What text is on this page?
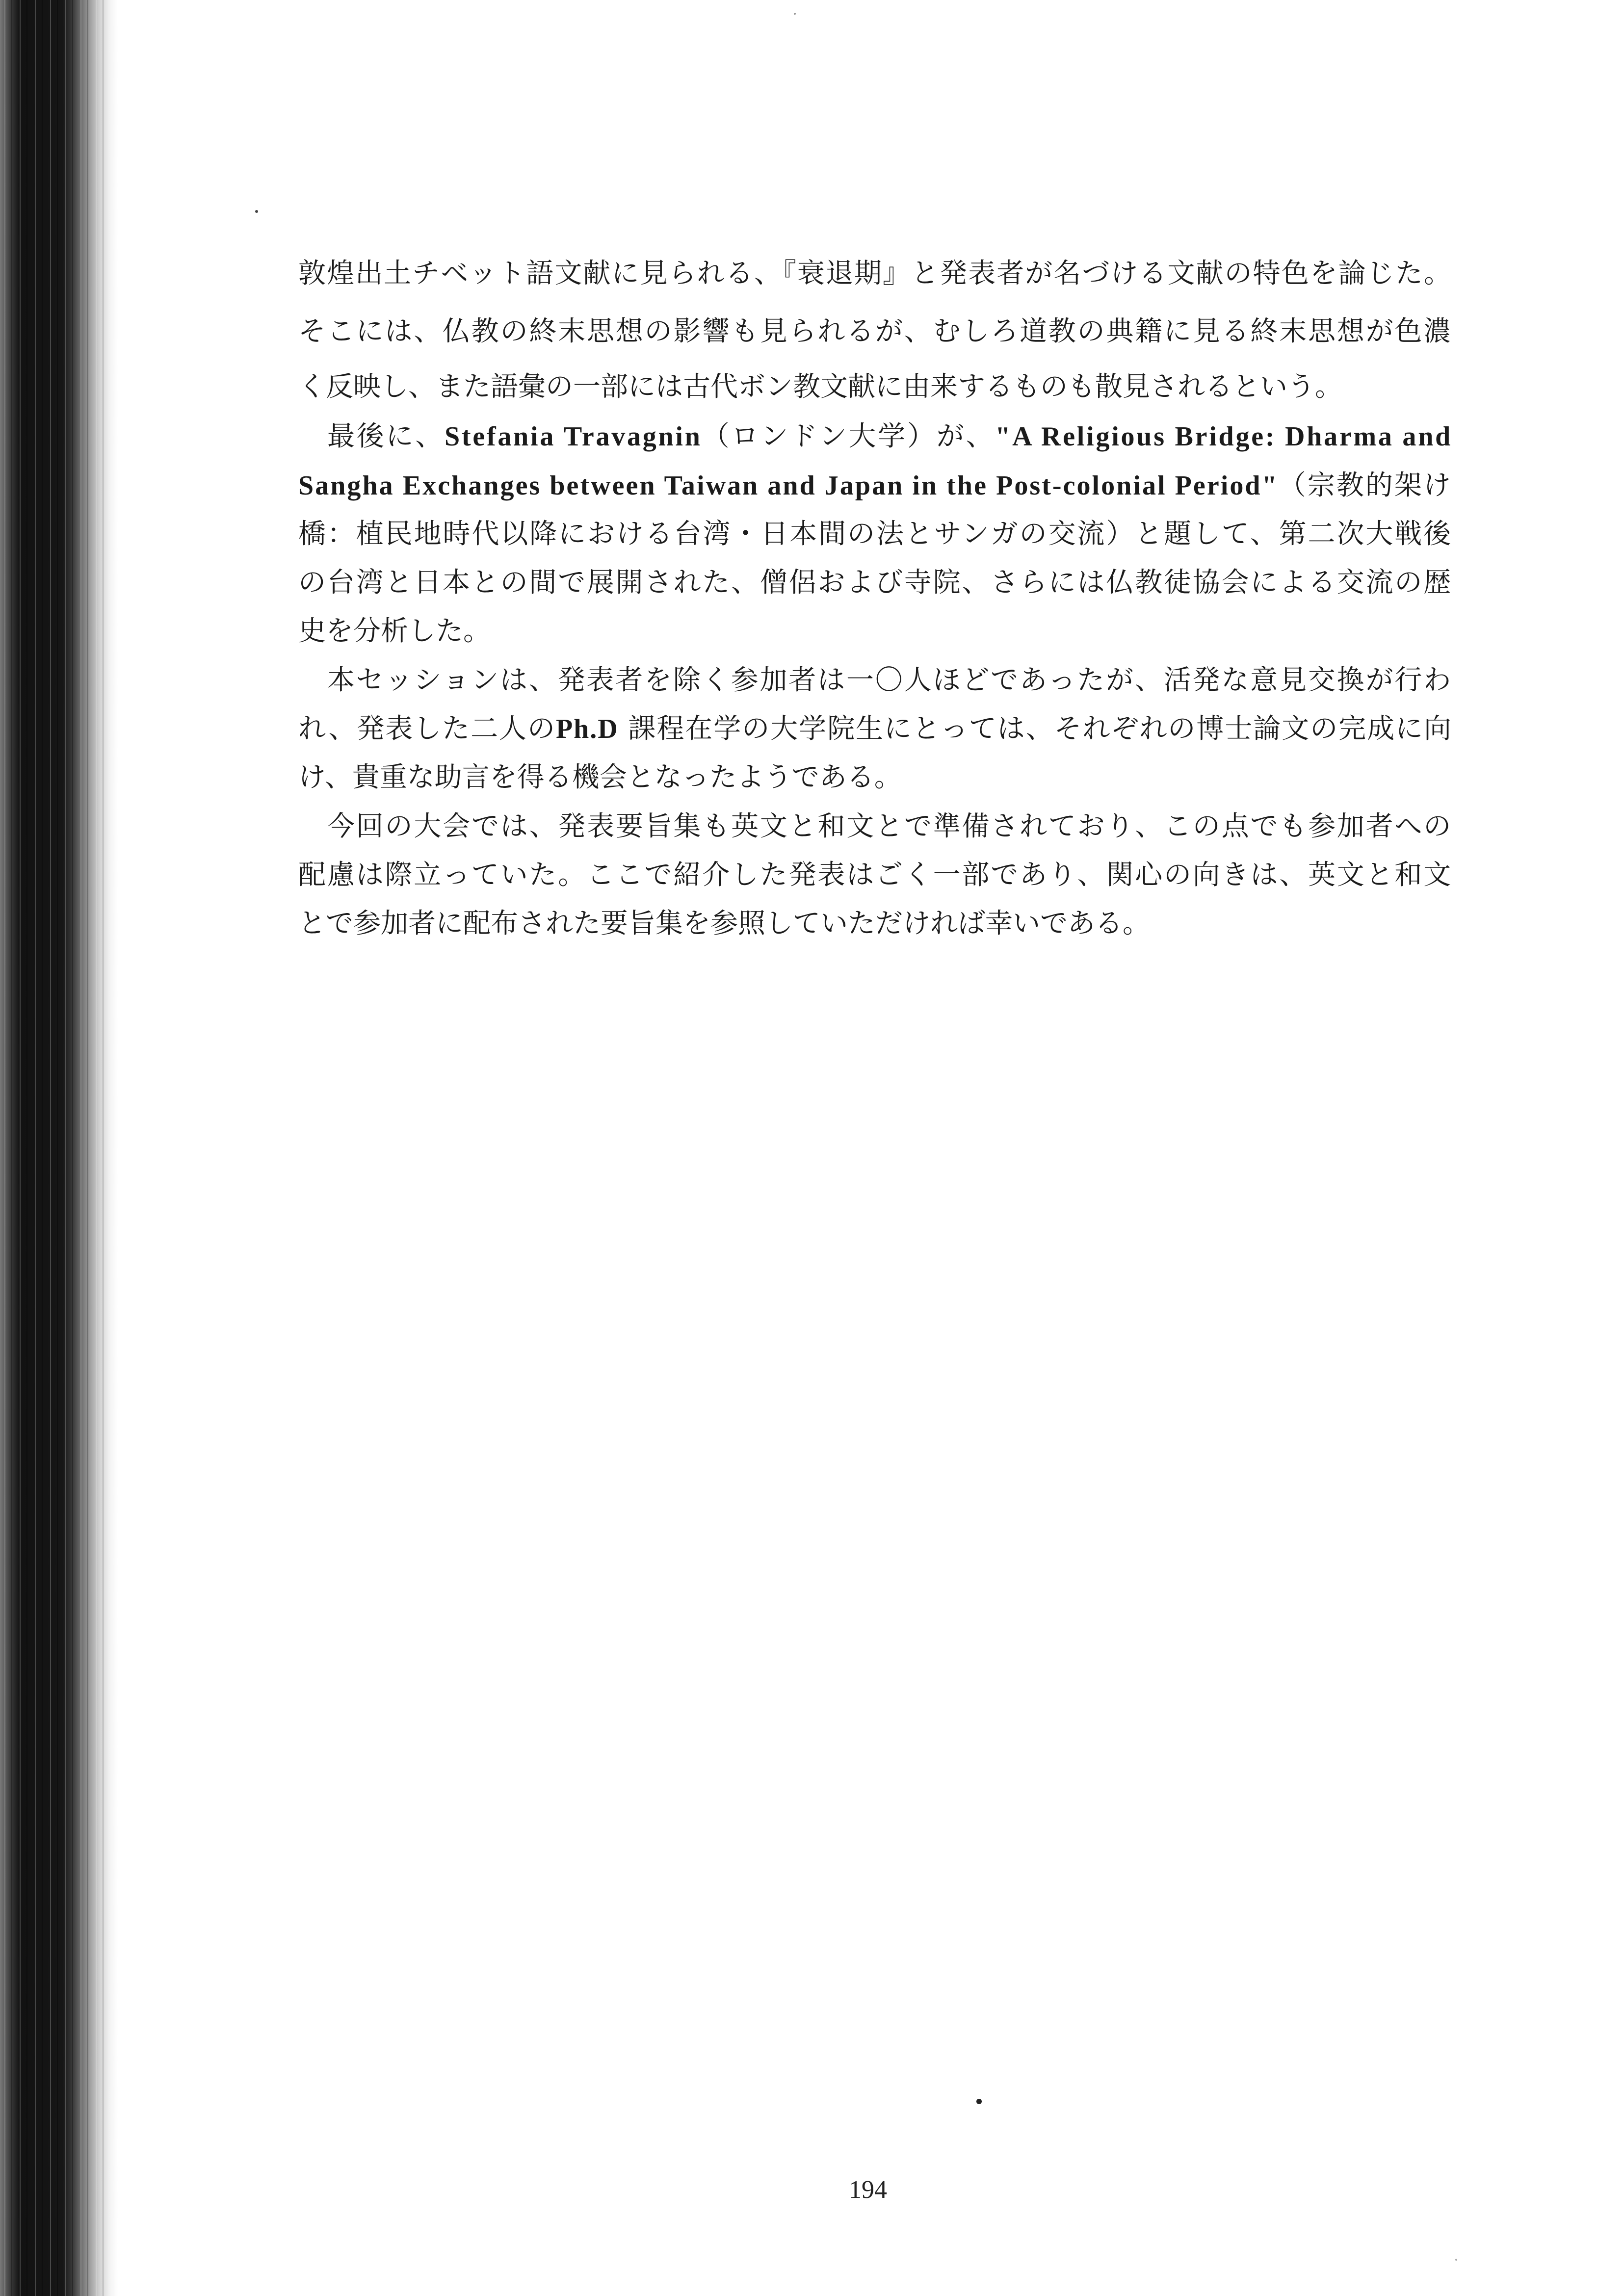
敦煌出土チベット語文献に見られる、『衰退期』と発表者が名づける文献の特色を論じた。
そこには、仏教の終末思想の影響も見られるが、むしろ道教の典籍に見る終末思想が色濃
く反映し、また語彙の一部には古代ボン教文献に由来するものも散見されるという。
最後に、Stefania Travagnin（ロンドン大学）が、"A Religious Bridge: Dharma and
Sangha Exchanges between Taiwan and Japan in the Post-colonial Period"（宗教的架け
橋：植民地時代以降における台湾・日本間の法とサンガの交流）と題して、第二次大戦後
の台湾と日本との間で展開された、僧侶および寺院、さらには仏教徒協会による交流の歴
史を分析した。
本セッションは、発表者を除く参加者は一〇人ほどであったが、活発な意見交換が行わ
れ、発表した二人のPh.D 課程在学の大学院生にとっては、それぞれの博士論文の完成に向
け、貴重な助言を得る機会となったようである。
今回の大会では、発表要旨集も英文と和文とで準備されており、この点でも参加者への
配慮は際立っていた。ここで紹介した発表はごく一部であり、関心の向きは、英文と和文
とで参加者に配布された要旨集を参照していただければ幸いである。
194
